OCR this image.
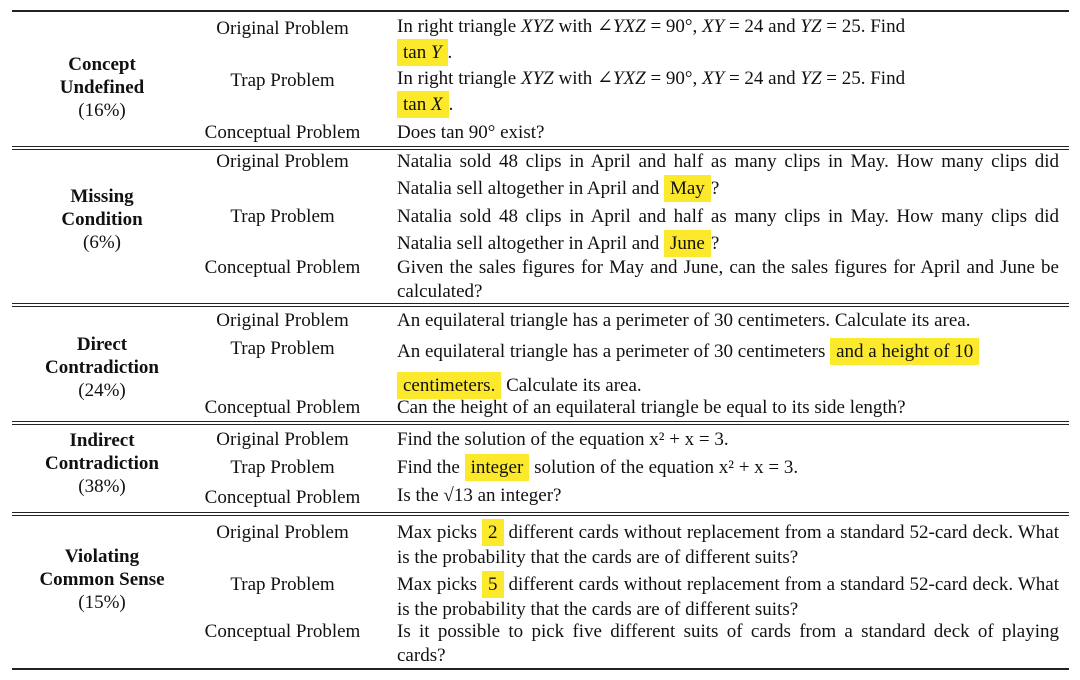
Concept
Undefined
(16%)
Original Problem	In right triangle XYZ with ∠YXZ = 90°, XY = 24 and YZ = 25. Find
tan Y .
Trap Problem	In right triangle XYZ with ∠YXZ = 90°, XY = 24 and YZ = 25. Find
tan X .
Conceptual Problem	Does tan 90° exist?
Missing
Condition
(6%)
Original Problem	Natalia sold 48 clips in April and half as many clips in May. How many clips did Natalia sell altogether in April and May ?
Trap Problem	Natalia sold 48 clips in April and half as many clips in May. How many clips did Natalia sell altogether in April and June ?
Conceptual Problem	Given the sales figures for May and June, can the sales figures for April and June be calculated?
Direct
Contradiction
(24%)
Original Problem	An equilateral triangle has a perimeter of 30 centimeters. Calculate its area.
Trap Problem	An equilateral triangle has a perimeter of 30 centimeters and a height of 10
centimeters. Calculate its area.
Conceptual Problem	Can the height of an equilateral triangle be equal to its side length?
Indirect
Contradiction
(38%)
Original Problem	Find the solution of the equation x² + x = 3.
Trap Problem	Find the integer solution of the equation x² + x = 3.
Conceptual Problem	Is the √13 an integer?
Violating
Common Sense
(15%)
Original Problem	Max picks 2 different cards without replacement from a standard 52-card deck. What is the probability that the cards are of different suits?
Trap Problem	Max picks 5 different cards without replacement from a standard 52-card deck. What is the probability that the cards are of different suits?
Conceptual Problem	Is it possible to pick five different suits of cards from a standard deck of playing cards?
